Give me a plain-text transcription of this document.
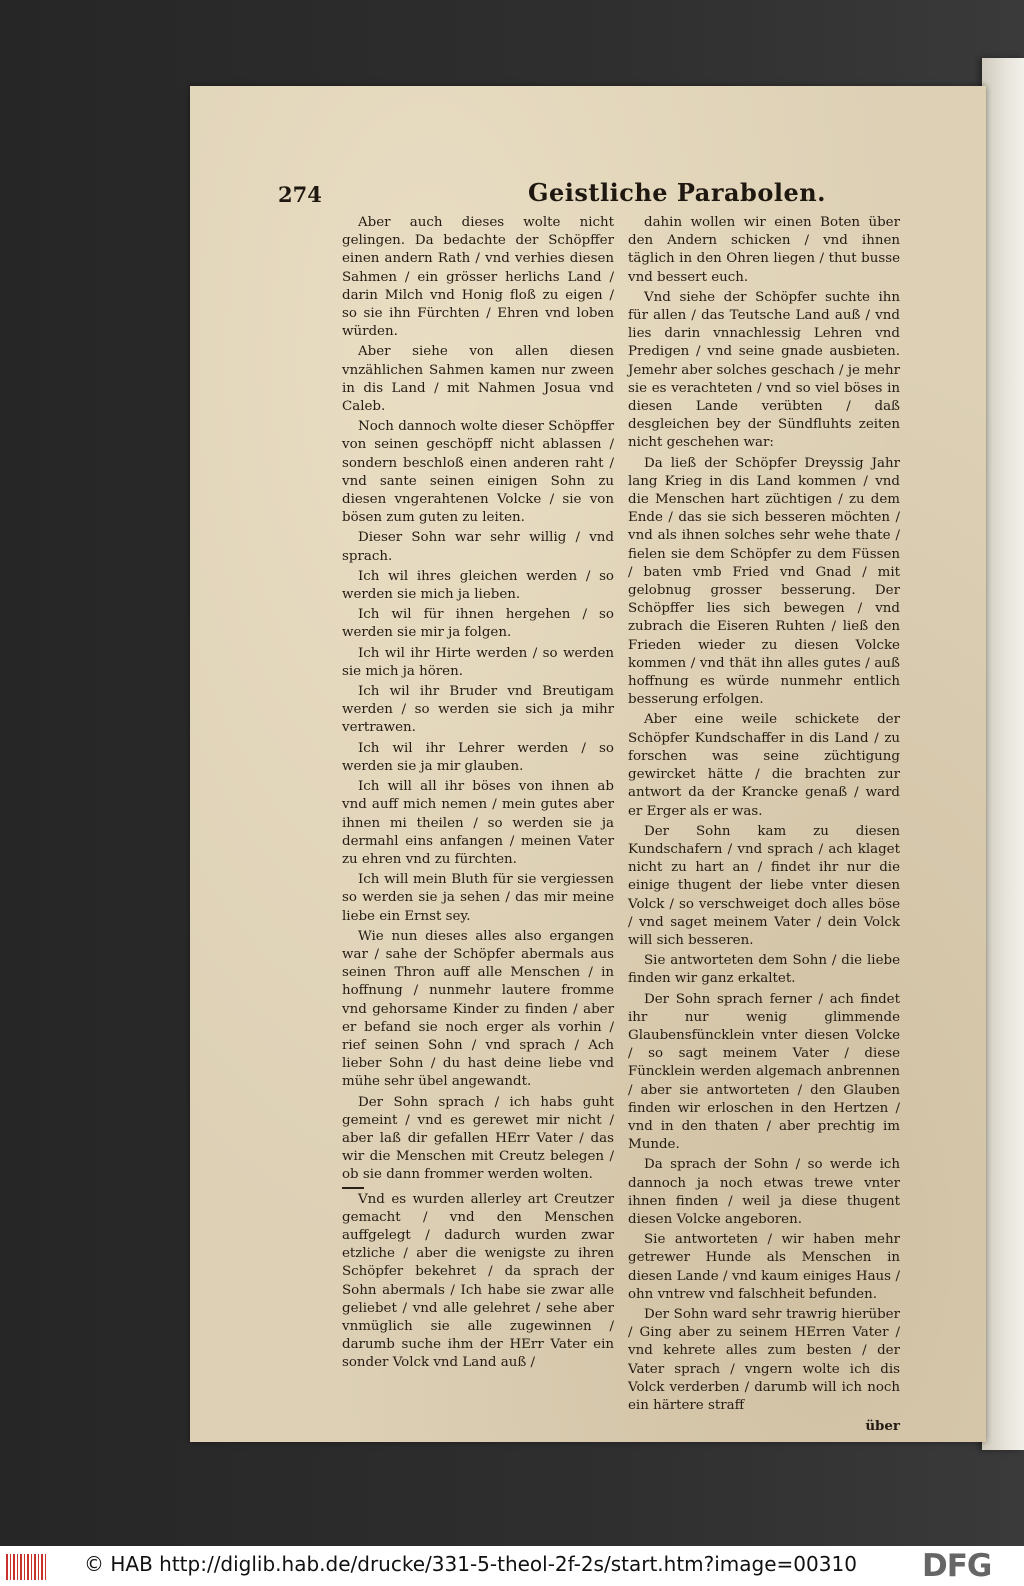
274	Geistliche Parabolen.

Aber auch dieses wolte nicht gelingen. Da bedachte der Schöpffer einen andern Rath / vnd verhies diesen Sahmen / ein grösser herlichs Land / darin Milch vnd Honig floß zu eigen / so sie ihn Fürchten / Ehren vnd loben würden.

Aber siehe von allen diesen vnzählichen Sahmen kamen nur zween in dis Land / mit Nahmen Josua vnd Caleb.

Noch dannoch wolte dieser Schöpffer von seinen geschöpff nicht ablassen / sondern beschloß einen anderen raht / vnd sante seinen einigen Sohn zu diesen vngerahtenen Volcke / sie von bösen zum guten zu leiten.

Dieser Sohn war sehr willig / vnd sprach.

Ich wil ihres gleichen werden / so werden sie mich ja lieben.

Ich wil für ihnen hergehen / so werden sie mir ja folgen.

Ich wil ihr Hirte werden / so werden sie mich ja hören.

Ich wil ihr Bruder vnd Breutigam werden / so werden sie sich ja mihr vertrawen.

Ich wil ihr Lehrer werden / so werden sie ja mir glauben.

Ich will all ihr böses von ihnen ab vnd auff mich nemen / mein gutes aber ihnen mi theilen / so werden sie ja dermahl eins anfangen / meinen Vater zu ehren vnd zu fürchten.

Ich will mein Bluth für sie vergiessen so werden sie ja sehen / das mir meine liebe ein Ernst sey.

Wie nun dieses alles also ergangen war / sahe der Schöpfer abermals aus seinen Thron auff alle Menschen / in hoffnung / nunmehr lautere fromme vnd gehorsame Kinder zu finden / aber er befand sie noch erger als vorhin / rief seinen Sohn / vnd sprach / Ach lieber Sohn / du hast deine liebe vnd mühe sehr übel angewandt.

Der Sohn sprach / ich habs guht gemeint / vnd es gerewet mir nicht / aber laß dir gefallen HErr Vater / das wir die Menschen mit Creutz belegen / ob sie dann frommer werden wolten.

Vnd es wurden allerley art Creutzer gemacht / vnd den Menschen auffgelegt / dadurch wurden zwar etzliche / aber die wenigste zu ihren Schöpfer bekehret / da sprach der Sohn abermals / Ich habe sie zwar alle geliebet / vnd alle gelehret / sehe aber vnmüglich sie alle zugewinnen / darumb suche ihm der HErr Vater ein sonder Volck vnd Land auß /

dahin wollen wir einen Boten über den Andern schicken / vnd ihnen täglich in den Ohren liegen / thut busse vnd bessert euch.

Vnd siehe der Schöpfer suchte ihn für allen / das Teutsche Land auß / vnd lies darin vnnachlessig Lehren vnd Predigen / vnd seine gnade ausbieten. Jemehr aber solches geschach / je mehr sie es verachteten / vnd so viel böses in diesen Lande verübten / daß desgleichen bey der Sündfluhts zeiten nicht geschehen war:

Da ließ der Schöpfer Dreyssig Jahr lang Krieg in dis Land kommen / vnd die Menschen hart züchtigen / zu dem Ende / das sie sich besseren möchten / vnd als ihnen solches sehr wehe thate / fielen sie dem Schöpfer zu dem Füssen / baten vmb Fried vnd Gnad / mit gelobnug grosser besserung. Der Schöpffer lies sich bewegen / vnd zubrach die Eiseren Ruhten / ließ den Frieden wieder zu diesen Volcke kommen / vnd thät ihn alles gutes / auß hoffnung es würde nunmehr entlich besserung erfolgen.

Aber eine weile schickete der Schöpfer Kundschaffer in dis Land / zu forschen was seine züchtigung gewircket hätte / die brachten zur antwort da der Krancke genaß / ward er Erger als er was.

Der Sohn kam zu diesen Kundschafern / vnd sprach / ach klaget nicht zu hart an / findet ihr nur die einige thugent der liebe vnter diesen Volck / so verschweiget doch alles böse / vnd saget meinem Vater / dein Volck will sich besseren.

Sie antworteten dem Sohn / die liebe finden wir ganz erkaltet.

Der Sohn sprach ferner / ach findet ihr nur wenig glimmende Glaubensfüncklein vnter diesen Volcke / so sagt meinem Vater / diese Füncklein werden algemach anbrennen / aber sie antworteten / den Glauben finden wir erloschen in den Hertzen / vnd in den thaten / aber prechtig im Munde.

Da sprach der Sohn / so werde ich dannoch ja noch etwas trewe vnter ihnen finden / weil ja diese thugent diesen Volcke angeboren.

Sie antworteten / wir haben mehr getrewer Hunde als Menschen in diesen Lande / vnd kaum einiges Haus / ohn vntrew vnd falschheit befunden.

Der Sohn ward sehr trawrig hierüber / Ging aber zu seinem HErren Vater / vnd kehrete alles zum besten / der Vater sprach / vngern wolte ich dis Volck verderben / darumb will ich noch ein härtere straff

über

© HAB http://diglib.hab.de/drucke/331-5-theol-2f-2s/start.htm?image=00310 DFG
